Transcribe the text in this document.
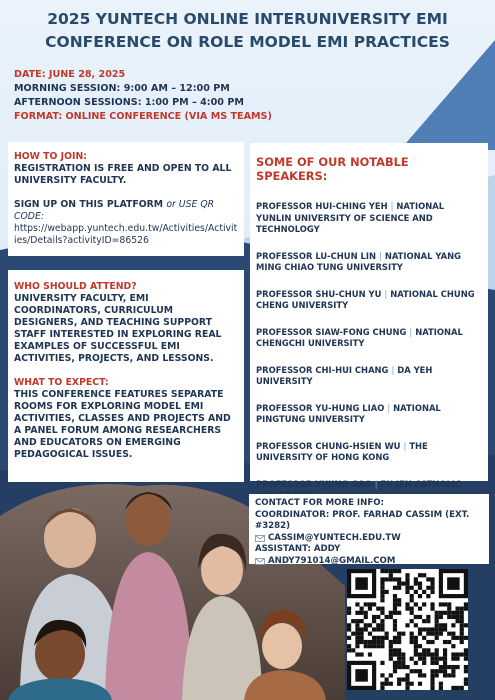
2025 YUNTECH ONLINE INTERUNIVERSITY EMI
CONFERENCE ON ROLE MODEL EMI PRACTICES
DATE: JUNE 28, 2025
MORNING SESSION: 9:00 AM – 12:00 PM
AFTERNOON SESSIONS: 1:00 PM – 4:00 PM
FORMAT: ONLINE CONFERENCE (VIA MS TEAMS)
HOW TO JOIN:
REGISTRATION IS FREE AND OPEN TO ALL UNIVERSITY FACULTY.
SIGN UP ON THIS PLATFORM or USE QR CODE:
https://webapp.yuntech.edu.tw/Activities/Activities/Details?activityID=86526
WHO SHOULD ATTEND?
UNIVERSITY FACULTY, EMI COORDINATORS, CURRICULUM DESIGNERS, AND TEACHING SUPPORT STAFF INTERESTED IN EXPLORING REAL EXAMPLES OF SUCCESSFUL EMI ACTIVITIES, PROJECTS, AND LESSONS.
WHAT TO EXPECT:
THIS CONFERENCE FEATURES SEPARATE ROOMS FOR EXPLORING MODEL EMI ACTIVITIES, CLASSES AND PROJECTS AND A PANEL FORUM AMONG RESEARCHERS AND EDUCATORS ON EMERGING PEDAGOGICAL ISSUES.
SOME OF OUR NOTABLE SPEAKERS:
PROFESSOR HUI-CHING YEH | NATIONAL YUNLIN UNIVERSITY OF SCIENCE AND TECHNOLOGY
PROFESSOR LU-CHUN LIN | NATIONAL YANG MING CHIAO TUNG UNIVERSITY
PROFESSOR SHU-CHUN YU | NATIONAL CHUNG CHENG UNIVERSITY
PROFESSOR SIAW-FONG CHUNG | NATIONAL CHENGCHI UNIVERSITY
PROFESSOR CHI-HUI CHANG | DA YEH UNIVERSITY
PROFESSOR YU-HUNG LIAO | NATIONAL PINGTUNG UNIVERSITY
PROFESSOR CHUNG-HSIEN WU | THE UNIVERSITY OF HONG KONG
PROFESSOR YUJING GAO | FU JEN CATHOLIC
CONTACT FOR MORE INFO:
COORDINATOR: PROF. FARHAD CASSIM (EXT. #3282)
CASSIM@YUNTECH.EDU.TW
ASSISTANT: ADDY
ANDY791014@GMAIL.COM
